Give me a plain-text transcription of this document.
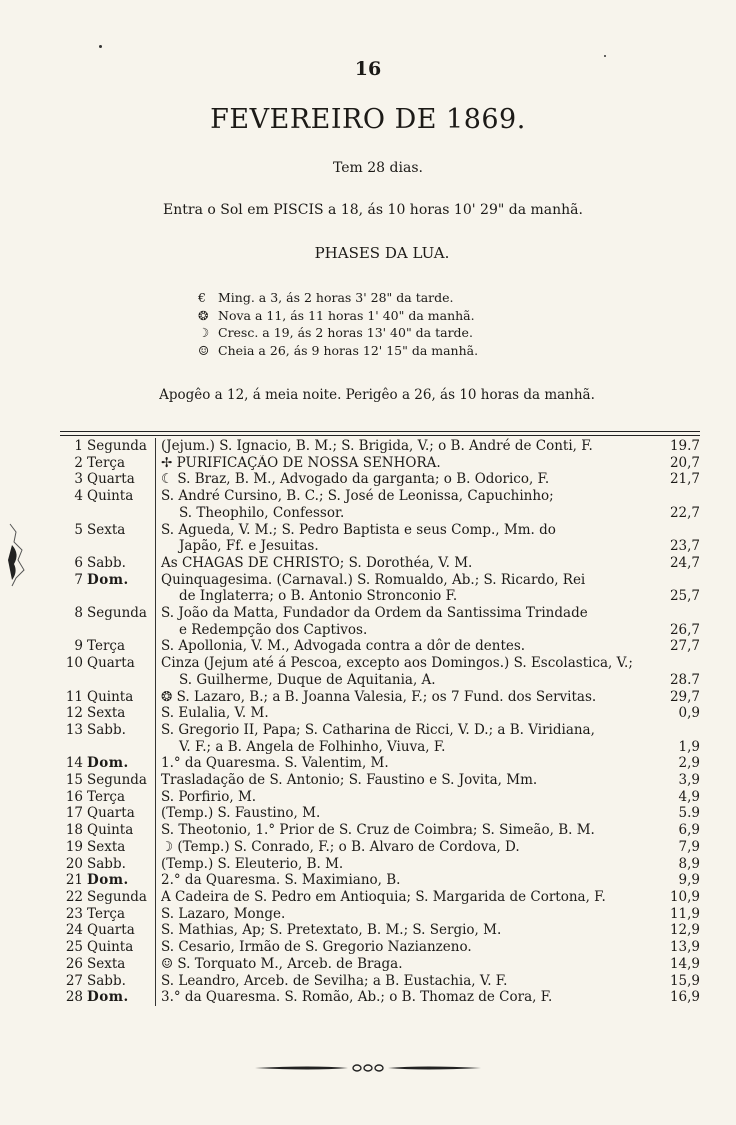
16
FEVEREIRO DE 1869.
Tem 28 dias.
Entra o Sol em PISCIS a 18, ás 10 horas 10' 29" da manhã.
PHASES DA LUA.
€ Ming. a 3, ás 2 horas 3' 28" da tarde.
❂ Nova a 11, ás 11 horas 1' 40" da manhã.
☽ Cresc. a 19, ás 2 horas 13' 40" da tarde.
☺ Cheia a 26, ás 9 horas 12' 15" da manhã.
Apogêo a 12, á meia noite. Perigêo a 26, ás 10 horas da manhã.
1 Segunda	(Jejum.) S. Ignacio, B. M.; S. Brigida, V.; o B. André de Conti, F.	19.7
2 Terça	✢ PURIFICAÇÃO DE NOSSA SENHORA.	20,7
3 Quarta	☾ S. Braz, B. M., Advogado da garganta; o B. Odorico, F.	21,7
4 Quinta	S. André Cursino, B. C.; S. José de Leonissa, Capuchinho;
S. Theophilo, Confessor.
	22,7
5 Sexta	S. Agueda, V. M.; S. Pedro Baptista e seus Comp., Mm. do
Japão, Ff. e Jesuitas.
	23,7
6 Sabb.	As CHAGAS DE CHRISTO; S. Dorothéa, V. M.	24,7
7 Dom.	Quinquagesima. (Carnaval.) S. Romualdo, Ab.; S. Ricardo, Rei
de Inglaterra; o B. Antonio Stronconio F.
	25,7
8 Segunda	S. João da Matta, Fundador da Ordem da Santissima Trindade
e Redempção dos Captivos.
	26,7
9 Terça	S. Apollonia, V. M., Advogada contra a dôr de dentes.	27,7
10 Quarta	Cinza (Jejum até á Pescoa, excepto aos Domingos.) S. Escolastica, V.;
S. Guilherme, Duque de Aquitania, A.
	28.7
11 Quinta	❂ S. Lazaro, B.; a B. Joanna Valesia, F.; os 7 Fund. dos Servitas.	29,7
12 Sexta	S. Eulalia, V. M.	0,9
13 Sabb.	S. Gregorio II, Papa; S. Catharina de Ricci, V. D.; a B. Viridiana,
V. F.; a B. Angela de Folhinho, Viuva, F.
	1,9
14 Dom.	1.° da Quaresma. S. Valentim, M.	2,9
15 Segunda	Trasladação de S. Antonio; S. Faustino e S. Jovita, Mm.	3,9
16 Terça	S. Porfirio, M.	4,9
17 Quarta	(Temp.) S. Faustino, M.	5.9
18 Quinta	S. Theotonio, 1.° Prior de S. Cruz de Coimbra; S. Simeão, B. M.	6,9
19 Sexta	☽ (Temp.) S. Conrado, F.; o B. Alvaro de Cordova, D.	7,9
20 Sabb.	(Temp.) S. Eleuterio, B. M.	8,9
21 Dom.	2.° da Quaresma. S. Maximiano, B.	9,9
22 Segunda	A Cadeira de S. Pedro em Antioquia; S. Margarida de Cortona, F.	10,9
23 Terça	S. Lazaro, Monge.	11,9
24 Quarta	S. Mathias, Ap; S. Pretextato, B. M.; S. Sergio, M.	12,9
25 Quinta	S. Cesario, Irmão de S. Gregorio Nazianzeno.	13,9
26 Sexta	☺ S. Torquato M., Arceb. de Braga.	14,9
27 Sabb.	S. Leandro, Arceb. de Sevilha; a B. Eustachia, V. F.	15,9
28 Dom.	3.° da Quaresma. S. Romão, Ab.; o B. Thomaz de Cora, F.	16,9
